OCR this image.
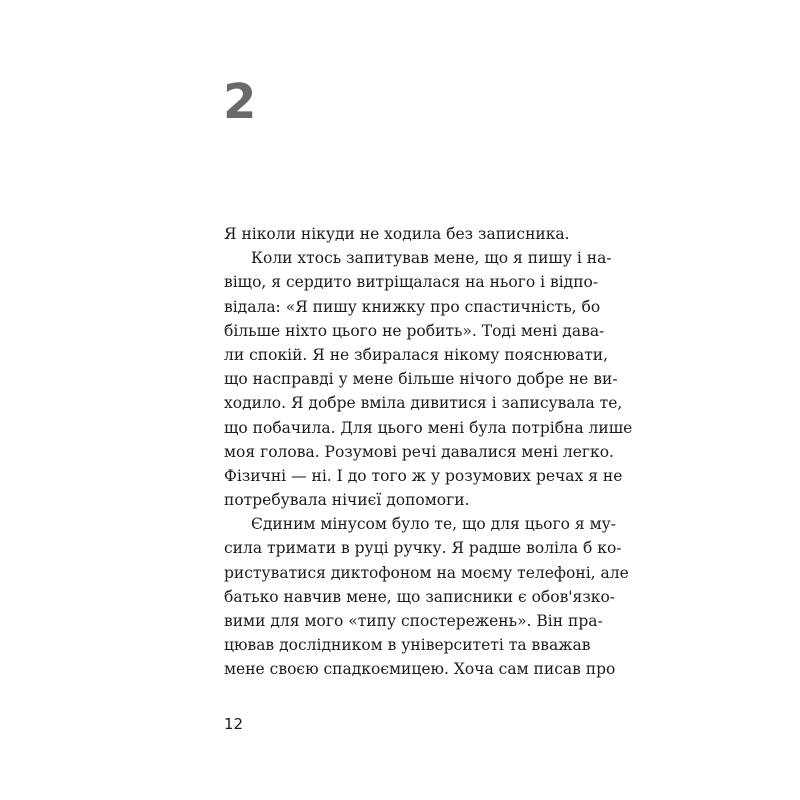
2
Я ніколи нікуди не ходила без записника.
Коли хтось запитував мене, що я пишу і на-
віщо, я сердито витріщалася на нього і відпо-
відала: «Я пишу книжку про спастичність, бо
більше ніхто цього не робить». Тоді мені дава-
ли спокій. Я не збиралася нікому пояснювати,
що насправді у мене більше нічого добре не ви-
ходило. Я добре вміла дивитися і записувала те,
що побачила. Для цього мені була потрібна лише
моя голова. Розумові речі давалися мені легко.
Фізичні — ні. І до того ж у розумових речах я не
потребувала нічиєї допомоги.
Єдиним мінусом було те, що для цього я му-
сила тримати в руці ручку. Я радше воліла б ко-
ристуватися диктофоном на моєму телефоні, але
батько навчив мене, що записники є обов'язко-
вими для мого «типу спостережень». Він пра-
цював дослідником в університеті та вважав
мене своєю спадкоємицею. Хоча сам писав про
12
